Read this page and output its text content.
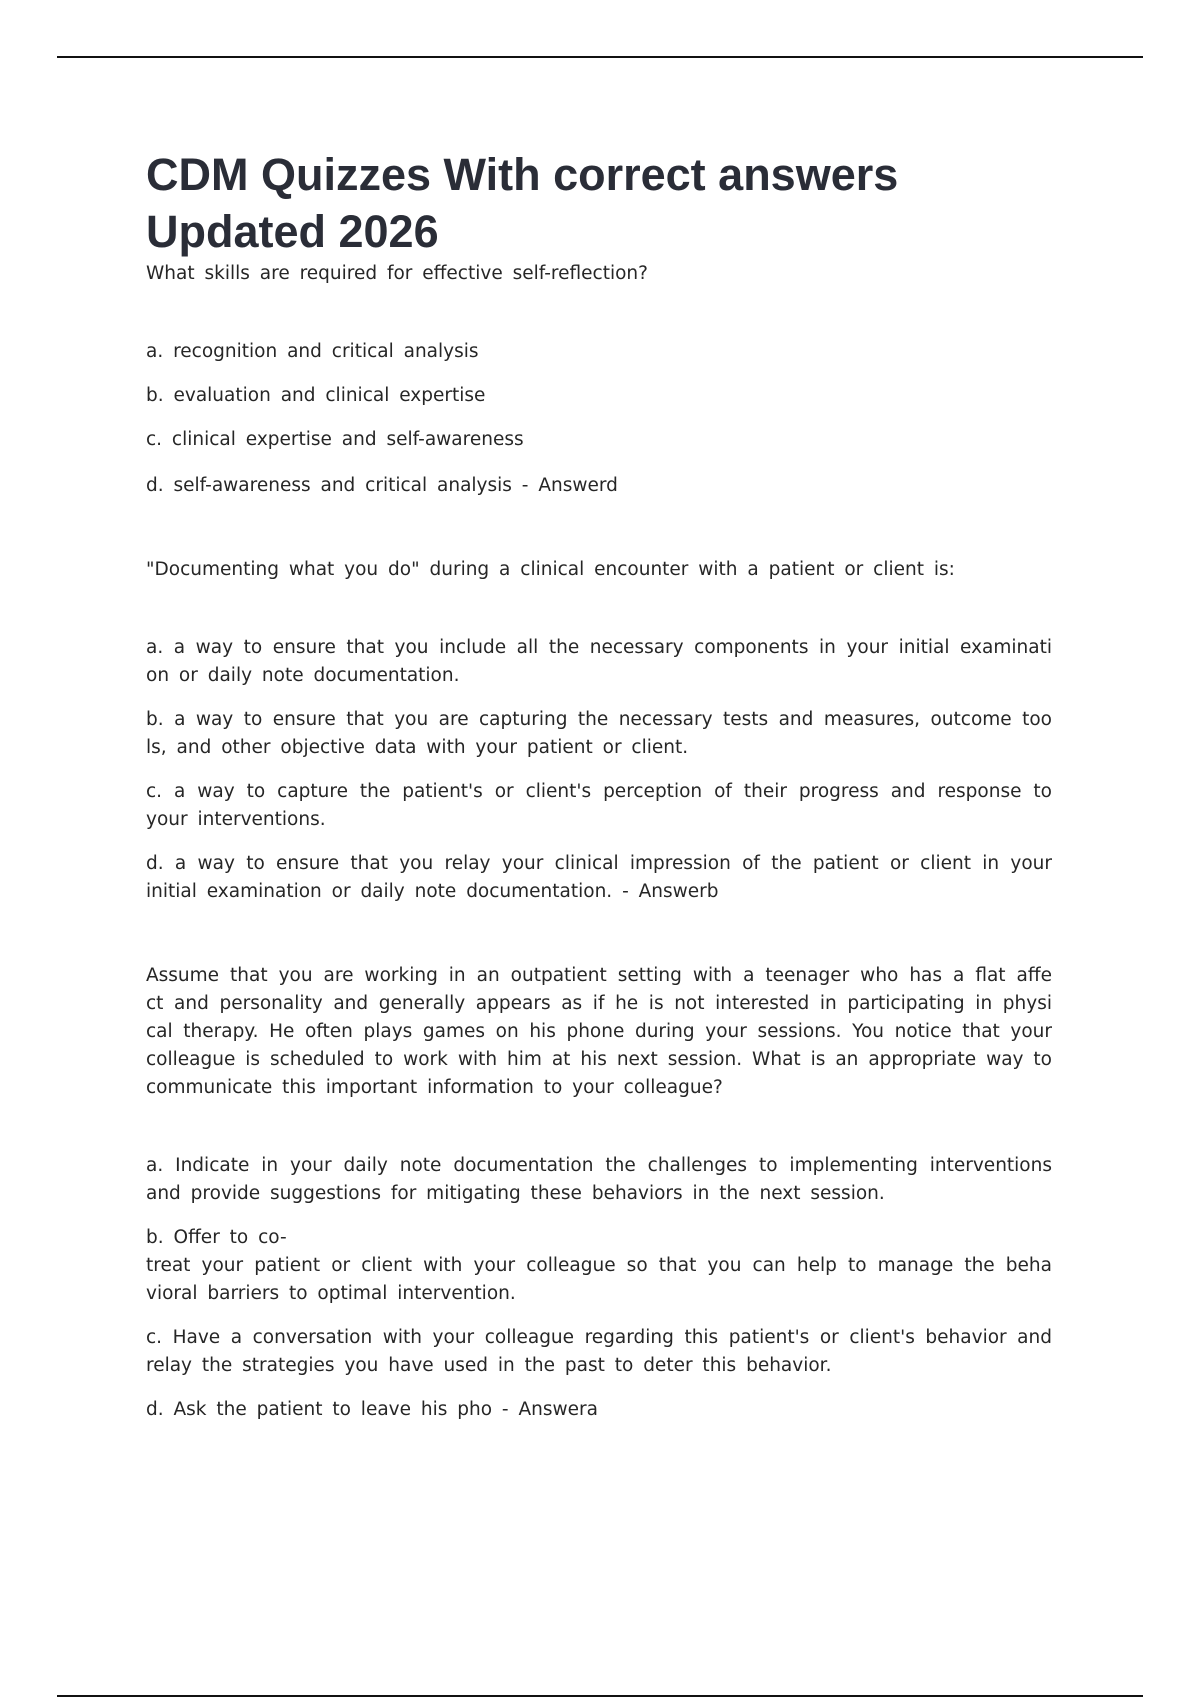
CDM Quizzes With correct answers
Updated 2026

What skills are required for effective self-reflection?

a. recognition and critical analysis

b. evaluation and clinical expertise

c. clinical expertise and self-awareness

d. self-awareness and critical analysis - Answerd

"Documenting what you do" during a clinical encounter with a patient or client is:

a. a way to ensure that you include all the necessary components in your initial examinati on or daily note documentation.

b. a way to ensure that you are capturing the necessary tests and measures, outcome too ls, and other objective data with your patient or client.

c. a way to capture the patient's or client's perception of their progress and response to your interventions.

d. a way to ensure that you relay your clinical impression of the patient or client in your initial examination or daily note documentation. - Answerb

Assume that you are working in an outpatient setting with a teenager who has a flat affe ct and personality and generally appears as if he is not interested in participating in physi cal therapy. He often plays games on his phone during your sessions. You notice that your colleague is scheduled to work with him at his next session. What is an appropriate way to communicate this important information to your colleague?

a. Indicate in your daily note documentation the challenges to implementing interventions and provide suggestions for mitigating these behaviors in the next session.

b. Offer to co-

treat your patient or client with your colleague so that you can help to manage the beha vioral barriers to optimal intervention.

c. Have a conversation with your colleague regarding this patient's or client's behavior and relay the strategies you have used in the past to deter this behavior.

d. Ask the patient to leave his pho - Answera
